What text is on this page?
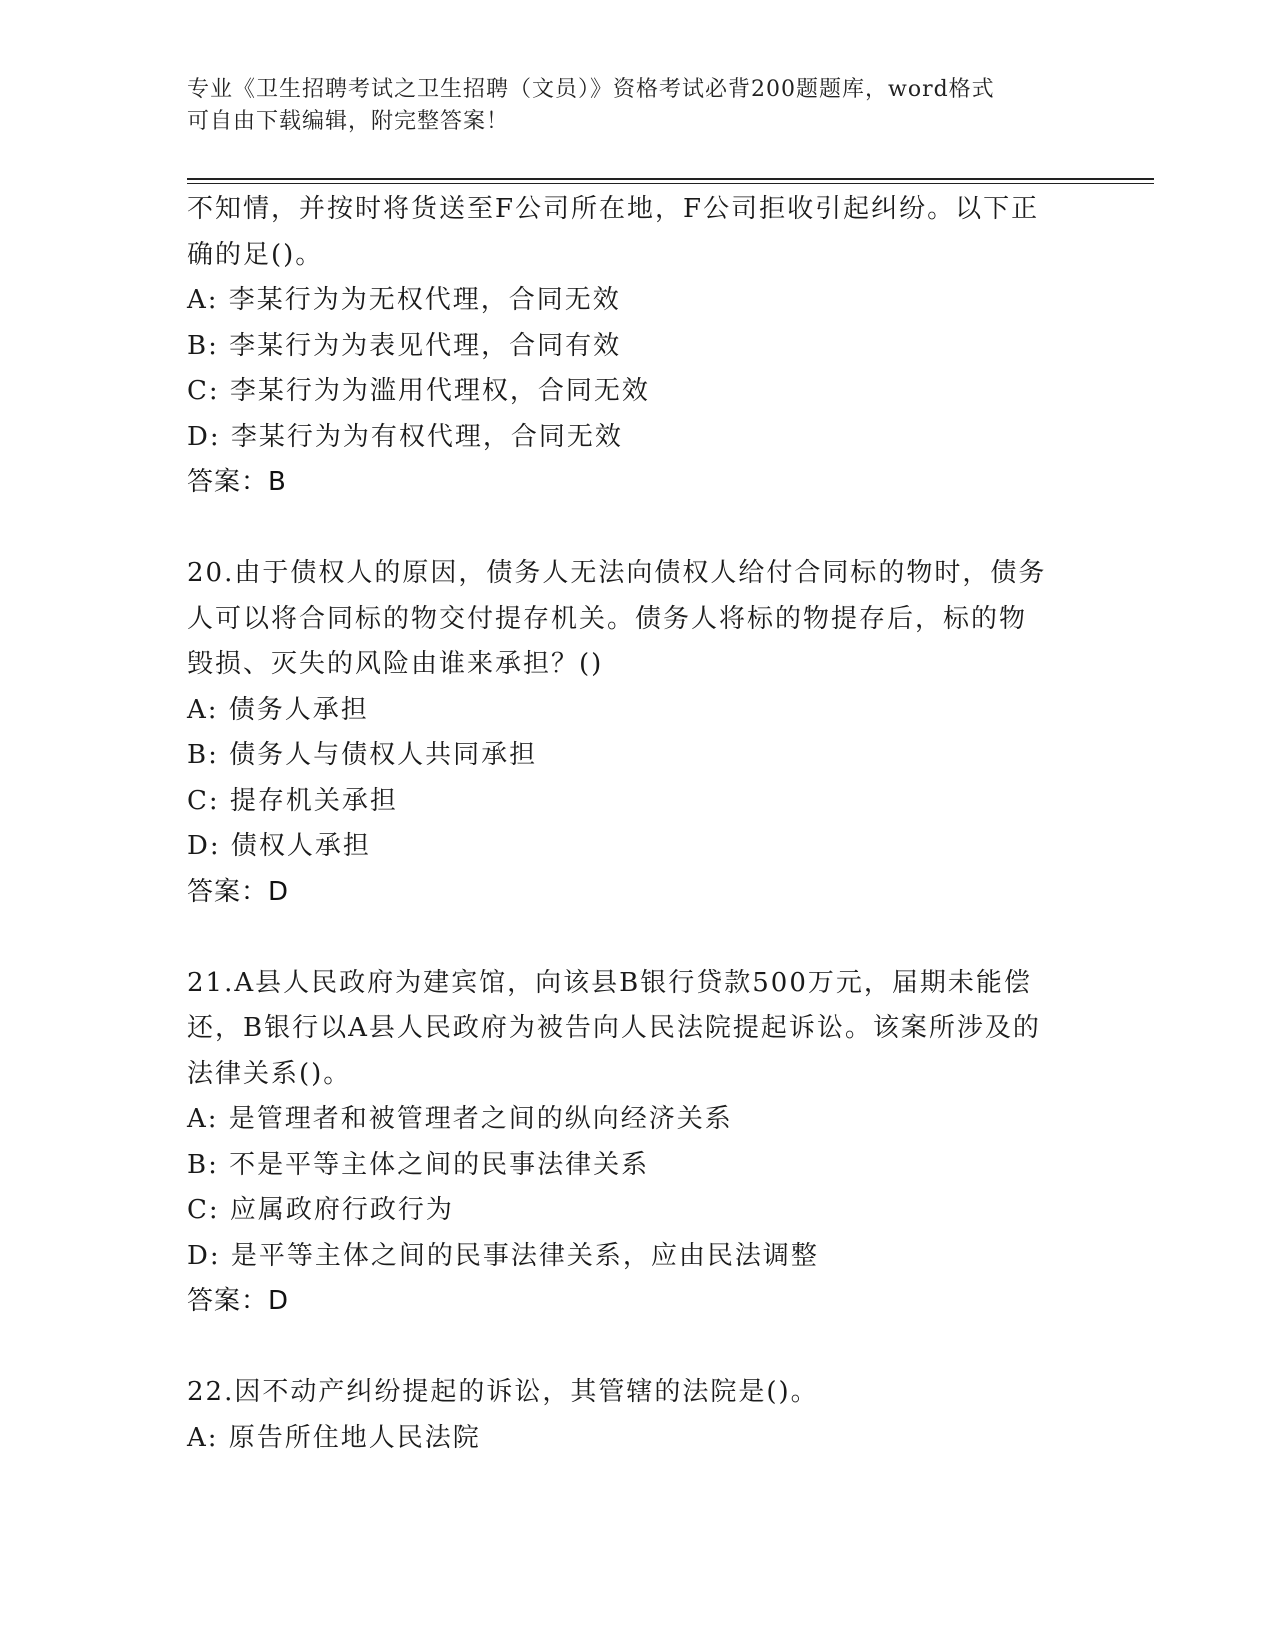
专业《卫生招聘考试之卫生招聘（文员）》资格考试必背200题题库，word格式
可自由下载编辑，附完整答案！

不知情，并按时将货送至F公司所在地，F公司拒收引起纠纷。以下正

确的足()。

A: 李某行为为无权代理，合同无效

B: 李某行为为表见代理，合同有效

C: 李某行为为滥用代理权，合同无效

D: 李某行为为有权代理，合同无效

答案：B

20.由于债权人的原因，债务人无法向债权人给付合同标的物时，债务

人可以将合同标的物交付提存机关。债务人将标的物提存后，标的物

毁损、灭失的风险由谁来承担？()

A: 债务人承担

B: 债务人与债权人共同承担

C: 提存机关承担

D: 债权人承担

答案：D

21.A县人民政府为建宾馆，向该县B银行贷款500万元，届期未能偿

还，B银行以A县人民政府为被告向人民法院提起诉讼。该案所涉及的

法律关系()。

A: 是管理者和被管理者之间的纵向经济关系

B: 不是平等主体之间的民事法律关系

C: 应属政府行政行为

D: 是平等主体之间的民事法律关系，应由民法调整

答案：D

22.因不动产纠纷提起的诉讼，其管辖的法院是()。

A: 原告所住地人民法院
